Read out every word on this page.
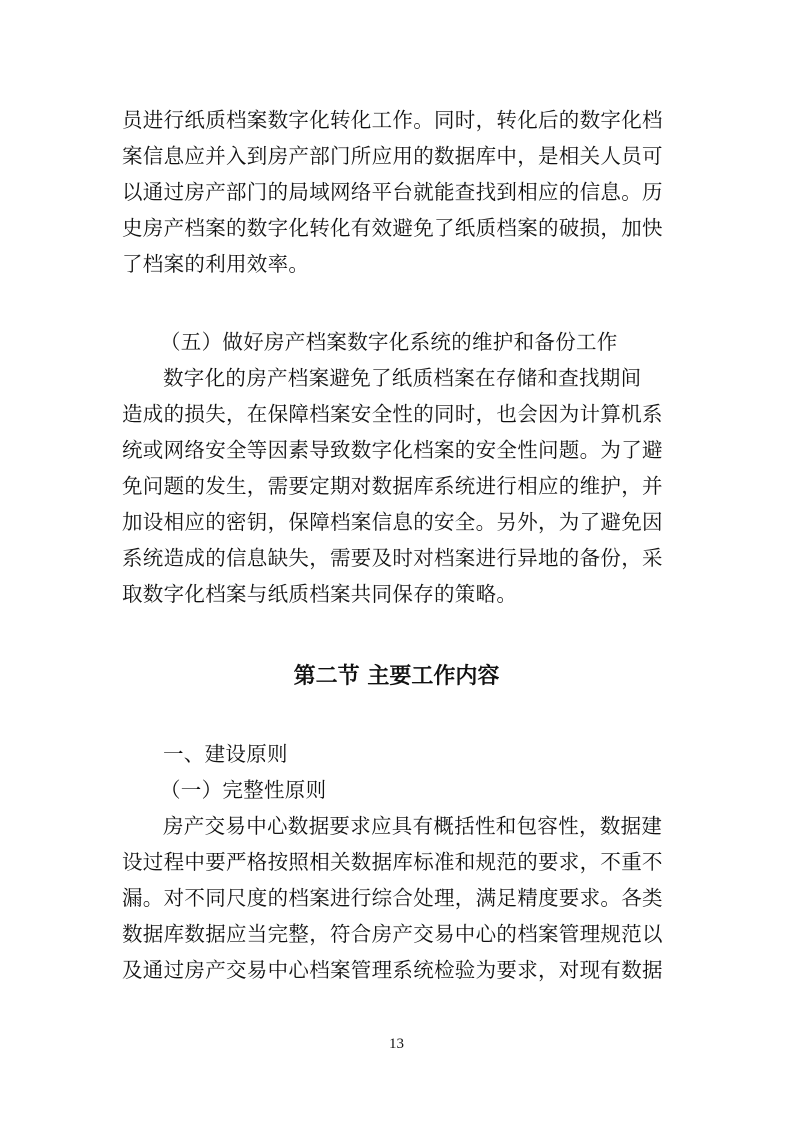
员进行纸质档案数字化转化工作。同时，转化后的数字化档
案信息应并入到房产部门所应用的数据库中，是相关人员可
以通过房产部门的局域网络平台就能查找到相应的信息。历
史房产档案的数字化转化有效避免了纸质档案的破损，加快
了档案的利用效率。
（五）做好房产档案数字化系统的维护和备份工作
数字化的房产档案避免了纸质档案在存储和查找期间
造成的损失，在保障档案安全性的同时，也会因为计算机系
统或网络安全等因素导致数字化档案的安全性问题。为了避
免问题的发生，需要定期对数据库系统进行相应的维护，并
加设相应的密钥，保障档案信息的安全。另外，为了避免因
系统造成的信息缺失，需要及时对档案进行异地的备份，采
取数字化档案与纸质档案共同保存的策略。
第二节 主要工作内容
一、建设原则
（一）完整性原则
房产交易中心数据要求应具有概括性和包容性，数据建
设过程中要严格按照相关数据库标准和规范的要求，不重不
漏。对不同尺度的档案进行综合处理，满足精度要求。各类
数据库数据应当完整，符合房产交易中心的档案管理规范以
及通过房产交易中心档案管理系统检验为要求，对现有数据
13
